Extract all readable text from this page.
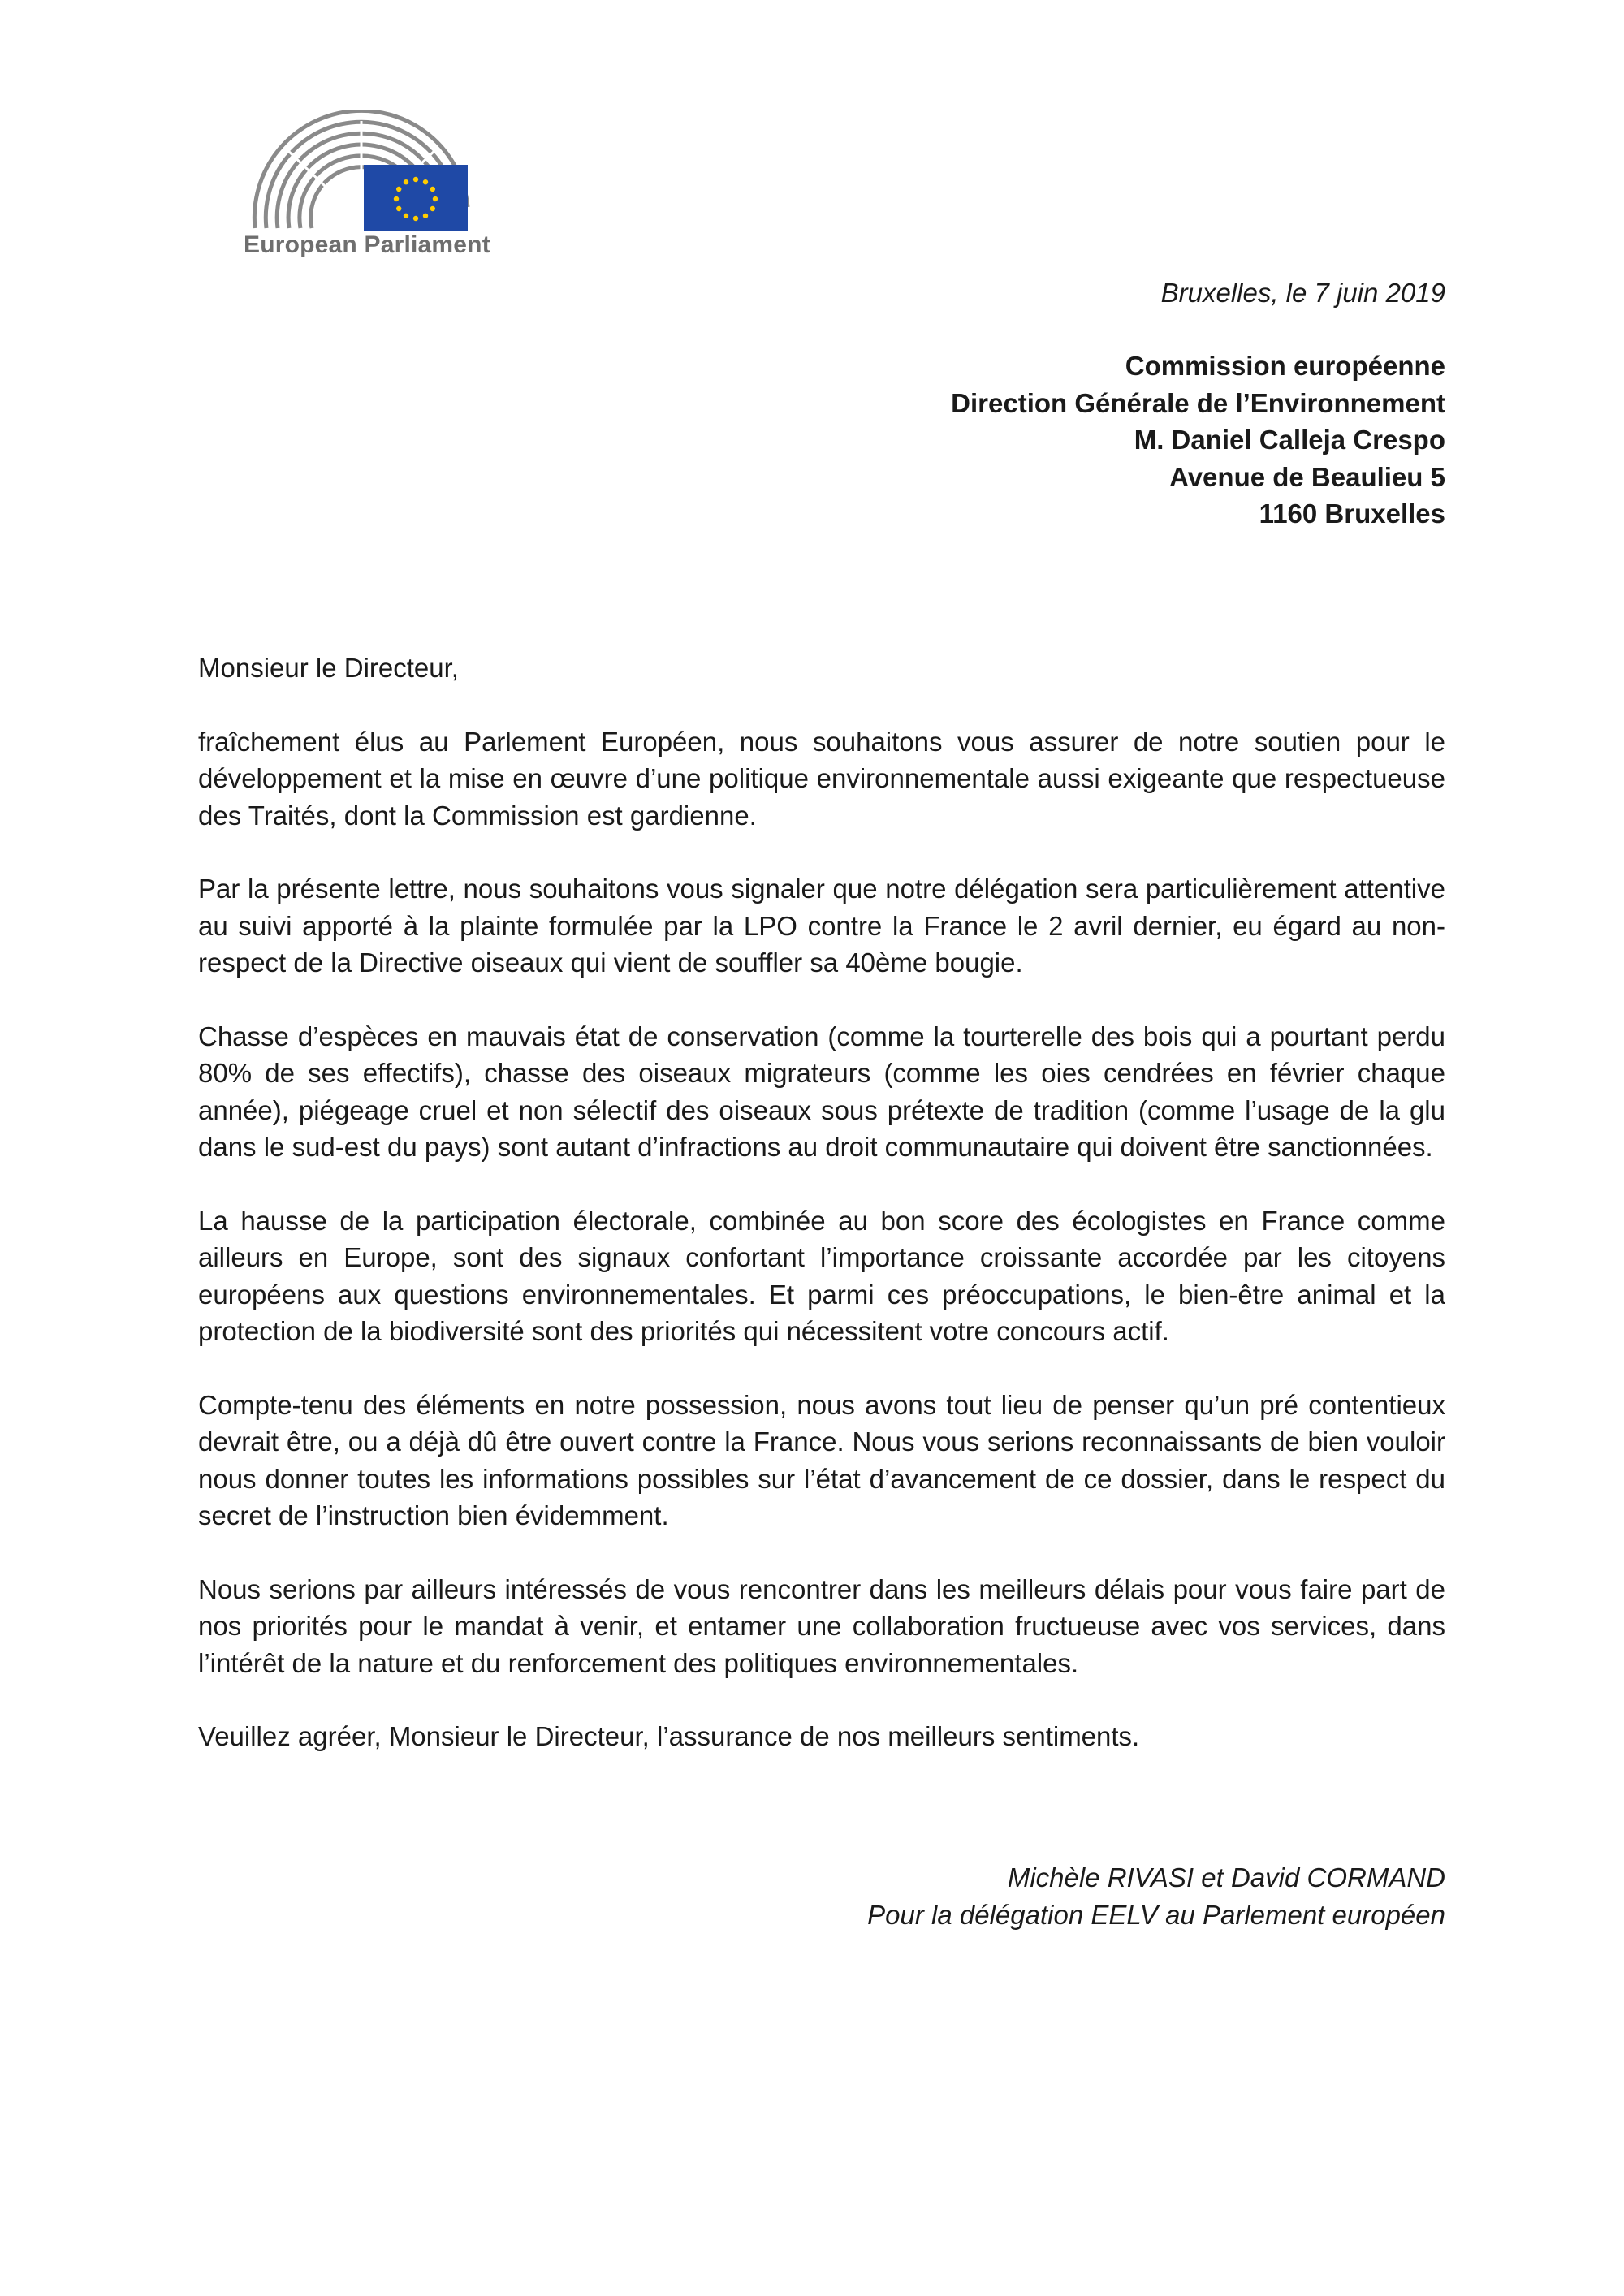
European Parliament
Bruxelles, le 7 juin 2019
Commission européenne
Direction Générale de l’Environnement
M. Daniel Calleja Crespo
Avenue de Beaulieu 5
1160 Bruxelles

Monsieur le Directeur,

fraîchement élus au Parlement Européen, nous souhaitons vous assurer de notre soutien pour le développement et la mise en œuvre d’une politique environnementale aussi exigeante que respectueuse des Traités, dont la Commission est gardienne.

Par la présente lettre, nous souhaitons vous signaler que notre délégation sera particulièrement attentive au suivi apporté à la plainte formulée par la LPO contre la France le 2 avril dernier, eu égard au non-respect de la Directive oiseaux qui vient de souffler sa 40ème bougie.

Chasse d’espèces en mauvais état de conservation (comme la tourterelle des bois qui a pourtant perdu 80% de ses effectifs), chasse des oiseaux migrateurs (comme les oies cendrées en février chaque année), piégeage cruel et non sélectif des oiseaux sous prétexte de tradition (comme l’usage de la glu dans le sud-est du pays) sont autant d’infractions au droit communautaire qui doivent être sanctionnées.

La hausse de la participation électorale, combinée au bon score des écologistes en France comme ailleurs en Europe, sont des signaux confortant l’importance croissante accordée par les citoyens européens aux questions environnementales. Et parmi ces préoccupations, le bien-être animal et la protection de la biodiversité sont des priorités qui nécessitent votre concours actif.

Compte-tenu des éléments en notre possession, nous avons tout lieu de penser qu’un pré contentieux devrait être, ou a déjà dû être ouvert contre la France. Nous vous serions reconnaissants de bien vouloir nous donner toutes les informations possibles sur l’état d’avancement de ce dossier, dans le respect du secret de l’instruction bien évidemment.

Nous serions par ailleurs intéressés de vous rencontrer dans les meilleurs délais pour vous faire part de nos priorités pour le mandat à venir, et entamer une collaboration fructueuse avec vos services, dans l’intérêt de la nature et du renforcement des politiques environnementales.

Veuillez agréer, Monsieur le Directeur, l’assurance de nos meilleurs sentiments.

Michèle RIVASI et David CORMAND
Pour la délégation EELV au Parlement européen
